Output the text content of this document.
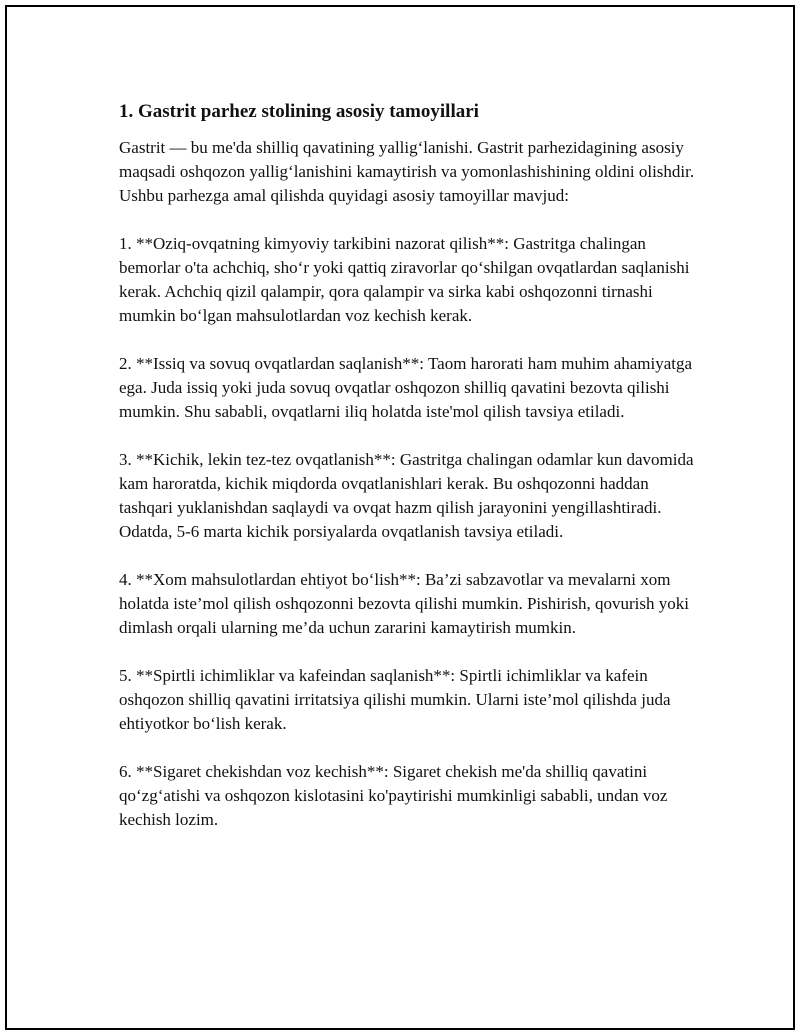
1. Gastrit parhez stolining asosiy tamoyillari

Gastrit — bu me'da shilliq qavatining yallig‘lanishi. Gastrit parhezidagining asosiy maqsadi oshqozon yallig‘lanishini kamaytirish va yomonlashishining oldini olishdir. Ushbu parhezga amal qilishda quyidagi asosiy tamoyillar mavjud:

1. **Oziq-ovqatning kimyoviy tarkibini nazorat qilish**: Gastritga chalingan bemorlar o'ta achchiq, sho‘r yoki qattiq ziravorlar qo‘shilgan ovqatlardan saqlanishi kerak. Achchiq qizil qalampir, qora qalampir va sirka kabi oshqozonni tirnashi mumkin bo‘lgan mahsulotlardan voz kechish kerak.

2. **Issiq va sovuq ovqatlardan saqlanish**: Taom harorati ham muhim ahamiyatga ega. Juda issiq yoki juda sovuq ovqatlar oshqozon shilliq qavatini bezovta qilishi mumkin. Shu sababli, ovqatlarni iliq holatda iste'mol qilish tavsiya etiladi.

3. **Kichik, lekin tez-tez ovqatlanish**: Gastritga chalingan odamlar kun davomida kam haroratda, kichik miqdorda ovqatlanishlari kerak. Bu oshqozonni haddan tashqari yuklanishdan saqlaydi va ovqat hazm qilish jarayonini yengillashtiradi. Odatda, 5-6 marta kichik porsiyalarda ovqatlanish tavsiya etiladi.

4. **Xom mahsulotlardan ehtiyot bo‘lish**: Ba’zi sabzavotlar va mevalarni xom holatda iste’mol qilish oshqozonni bezovta qilishi mumkin. Pishirish, qovurish yoki dimlash orqali ularning me’da uchun zararini kamaytirish mumkin.

5. **Spirtli ichimliklar va kafeindan saqlanish**: Spirtli ichimliklar va kafein oshqozon shilliq qavatini irritatsiya qilishi mumkin. Ularni iste’mol qilishda juda ehtiyotkor bo‘lish kerak.

6. **Sigaret chekishdan voz kechish**: Sigaret chekish me'da shilliq qavatini qo‘zg‘atishi va oshqozon kislotasini ko'paytirishi mumkinligi sababli, undan voz kechish lozim.
